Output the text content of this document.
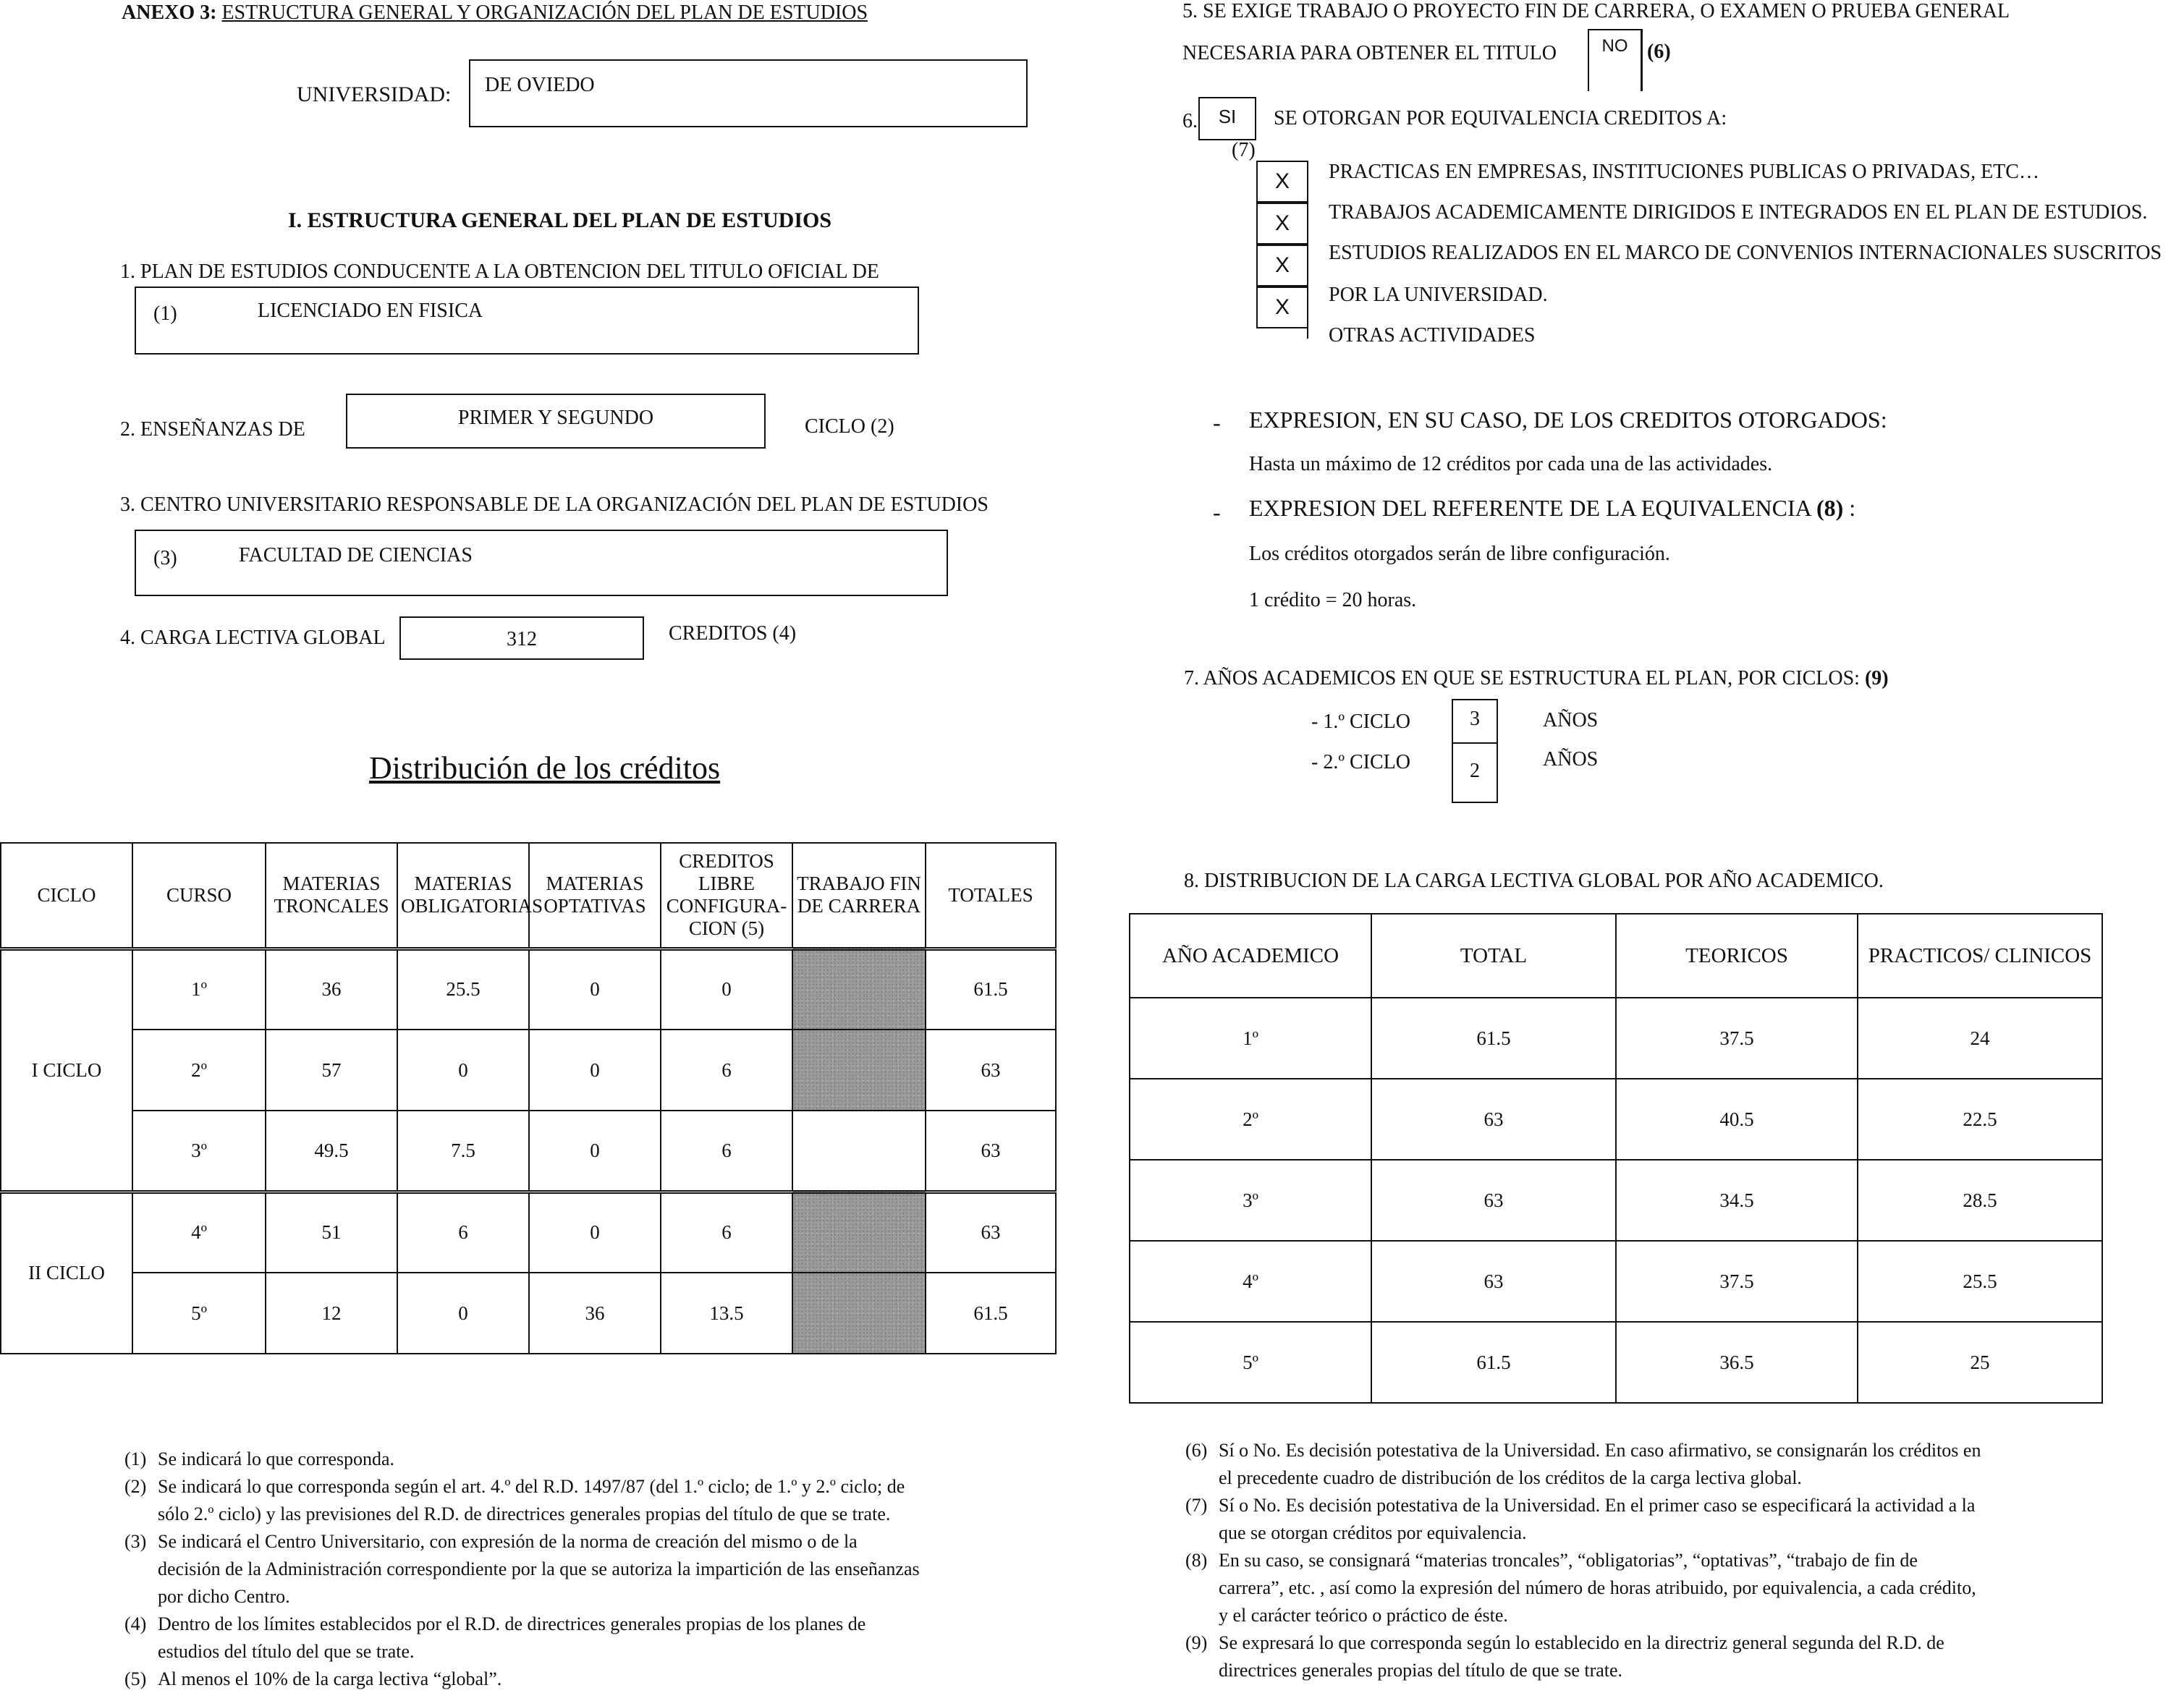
ANEXO 3: ESTRUCTURA GENERAL Y ORGANIZACIÓN DEL PLAN DE ESTUDIOS
UNIVERSIDAD: DE OVIEDO
I. ESTRUCTURA GENERAL DEL PLAN DE ESTUDIOS
1. PLAN DE ESTUDIOS CONDUCENTE A LA OBTENCION DEL TITULO OFICIAL DE
(1)	LICENCIADO EN FISICA
2. ENSEÑANZAS DE
PRIMER Y SEGUNDO	CICLO (2)
3. CENTRO UNIVERSITARIO RESPONSABLE DE LA ORGANIZACIÓN DEL PLAN DE ESTUDIOS
(3)	FACULTAD DE CIENCIAS
4. CARGA LECTIVA GLOBAL	312	CREDITOS (4)
Distribución de los créditos
CICLO	CURSO	MATERIAS TRONCALES	MATERIAS OBLIGATORIAS	MATERIAS OPTATIVAS	CREDITOS LIBRE CONFIGURA-CION (5)	TRABAJO FIN DE CARRERA	TOTALES
I CICLO	1º	36	25.5	0	0		61.5
	2º	57	0	0	6		63
	3º	49.5	7.5	0	6		63
II CICLO	4º	51	6	0	6		63
	5º	12	0	36	13.5		61.5
(1) Se indicará lo que corresponda.
(2) Se indicará lo que corresponda según el art. 4.º del R.D. 1497/87 (del 1.º ciclo; de 1.º y 2.º ciclo; de
sólo 2.º ciclo) y las previsiones del R.D. de directrices generales propias del título de que se trate.
(3) Se indicará el Centro Universitario, con expresión de la norma de creación del mismo o de la
decisión de la Administración correspondiente por la que se autoriza la impartición de las enseñanzas
por dicho Centro.
(4) Dentro de los límites establecidos por el R.D. de directrices generales propias de los planes de
estudios del título del que se trate.
(5) Al menos el 10% de la carga lectiva “global”.
5. SE EXIGE TRABAJO O PROYECTO FIN DE CARRERA, O EXAMEN O PRUEBA GENERAL
NECESARIA PARA OBTENER EL TITULO	NO (6)
6.	SI
(7)
SE OTORGAN POR EQUIVALENCIA CREDITOS A:
X
X
X
X
PRACTICAS EN EMPRESAS, INSTITUCIONES PUBLICAS O PRIVADAS, ETC…
TRABAJOS ACADEMICAMENTE DIRIGIDOS E INTEGRADOS EN EL PLAN DE ESTUDIOS.
ESTUDIOS REALIZADOS EN EL MARCO DE CONVENIOS INTERNACIONALES SUSCRITOS
POR LA UNIVERSIDAD.
OTRAS ACTIVIDADES
- EXPRESION, EN SU CASO, DE LOS CREDITOS OTORGADOS:
Hasta un máximo de 12 créditos por cada una de las actividades.
- EXPRESION DEL REFERENTE DE LA EQUIVALENCIA (8) :
Los créditos otorgados serán de libre configuración.
1 crédito = 20 horas.
7. AÑOS ACADEMICOS EN QUE SE ESTRUCTURA EL PLAN, POR CICLOS: (9)
- 1.º CICLO	3	AÑOS
- 2.º CICLO	2
AÑOS
8. DISTRIBUCION DE LA CARGA LECTIVA GLOBAL POR AÑO ACADEMICO.
AÑO ACADEMICO	TOTAL	TEORICOS	PRACTICOS/ CLINICOS
1º	61.5	37.5	24
2º	63	40.5	22.5
3º	63	34.5	28.5
4º	63	37.5	25.5
5º	61.5	36.5	25
(6) Sí o No. Es decisión potestativa de la Universidad. En caso afirmativo, se consignarán los créditos en
el precedente cuadro de distribución de los créditos de la carga lectiva global.
(7) Sí o No. Es decisión potestativa de la Universidad. En el primer caso se especificará la actividad a la
que se otorgan créditos por equivalencia.
(8) En su caso, se consignará “materias troncales”, “obligatorias”, “optativas”, “trabajo de fin de
carrera”, etc. , así como la expresión del número de horas atribuido, por equivalencia, a cada crédito,
y el carácter teórico o práctico de éste.
(9) Se expresará lo que corresponda según lo establecido en la directriz general segunda del R.D. de
directrices generales propias del título de que se trate.
